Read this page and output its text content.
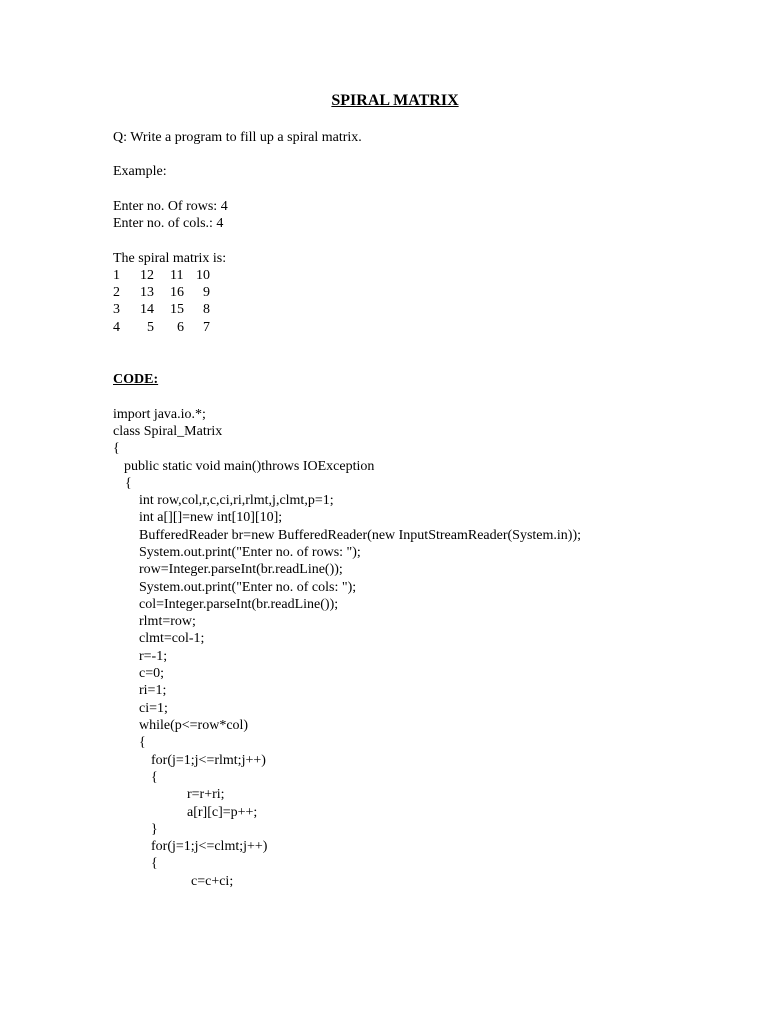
SPIRAL MATRIX
Q: Write a program to fill up a spiral matrix.
Example:
Enter no. Of rows: 4
Enter no. of cols.: 4
The spiral matrix is:
1 12 11 10
2 13 16 9
3 14 15 8
4 5 6 7
CODE:
import java.io.*;
class Spiral_Matrix
{
public static void main()throws IOException
{
int row,col,r,c,ci,ri,rlmt,j,clmt,p=1;
int a[][]=new int[10][10];
BufferedReader br=new BufferedReader(new InputStreamReader(System.in));
System.out.print("Enter no. of rows: ");
row=Integer.parseInt(br.readLine());
System.out.print("Enter no. of cols: ");
col=Integer.parseInt(br.readLine());
rlmt=row;
clmt=col-1;
r=-1;
c=0;
ri=1;
ci=1;
while(p<=row*col)
{
for(j=1;j<=rlmt;j++)
{
r=r+ri;
a[r][c]=p++;
}
for(j=1;j<=clmt;j++)
{
c=c+ci;
